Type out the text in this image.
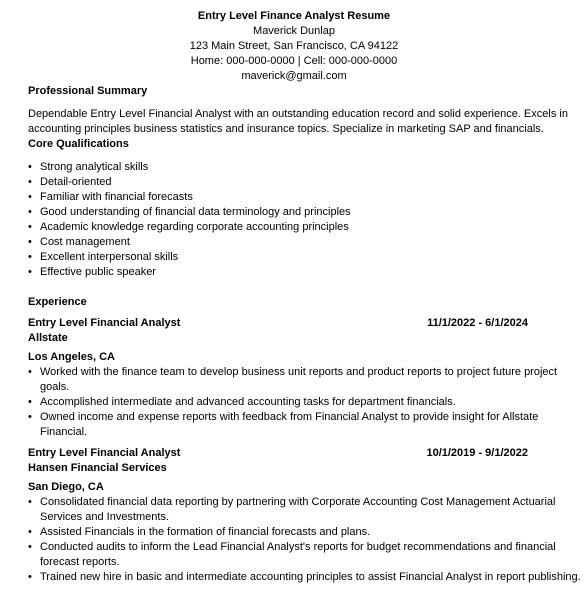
Entry Level Finance Analyst Resume
Maverick Dunlap
123 Main Street, San Francisco, CA 94122
Home: 000-000-0000 | Cell: 000-000-0000
maverick@gmail.com
Professional Summary
Dependable Entry Level Financial Analyst with an outstanding education record and solid experience. Excels in accounting principles business statistics and insurance topics. Specialize in marketing SAP and financials.
Core Qualifications
• Strong analytical skills
• Detail-oriented
• Familiar with financial forecasts
• Good understanding of financial data terminology and principles
• Academic knowledge regarding corporate accounting principles
• Cost management
• Excellent interpersonal skills
• Effective public speaker
Experience
Entry Level Financial Analyst	11/1/2022 - 6/1/2024
Allstate
Los Angeles, CA
• Worked with the finance team to develop business unit reports and product reports to project future project goals.
• Accomplished intermediate and advanced accounting tasks for department financials.
• Owned income and expense reports with feedback from Financial Analyst to provide insight for Allstate Financial.
Entry Level Financial Analyst	10/1/2019 - 9/1/2022
Hansen Financial Services
San Diego, CA
• Consolidated financial data reporting by partnering with Corporate Accounting Cost Management Actuarial Services and Investments.
• Assisted Financials in the formation of financial forecasts and plans.
• Conducted audits to inform the Lead Financial Analyst's reports for budget recommendations and financial forecast reports.
• Trained new hire in basic and intermediate accounting principles to assist Financial Analyst in report publishing.
